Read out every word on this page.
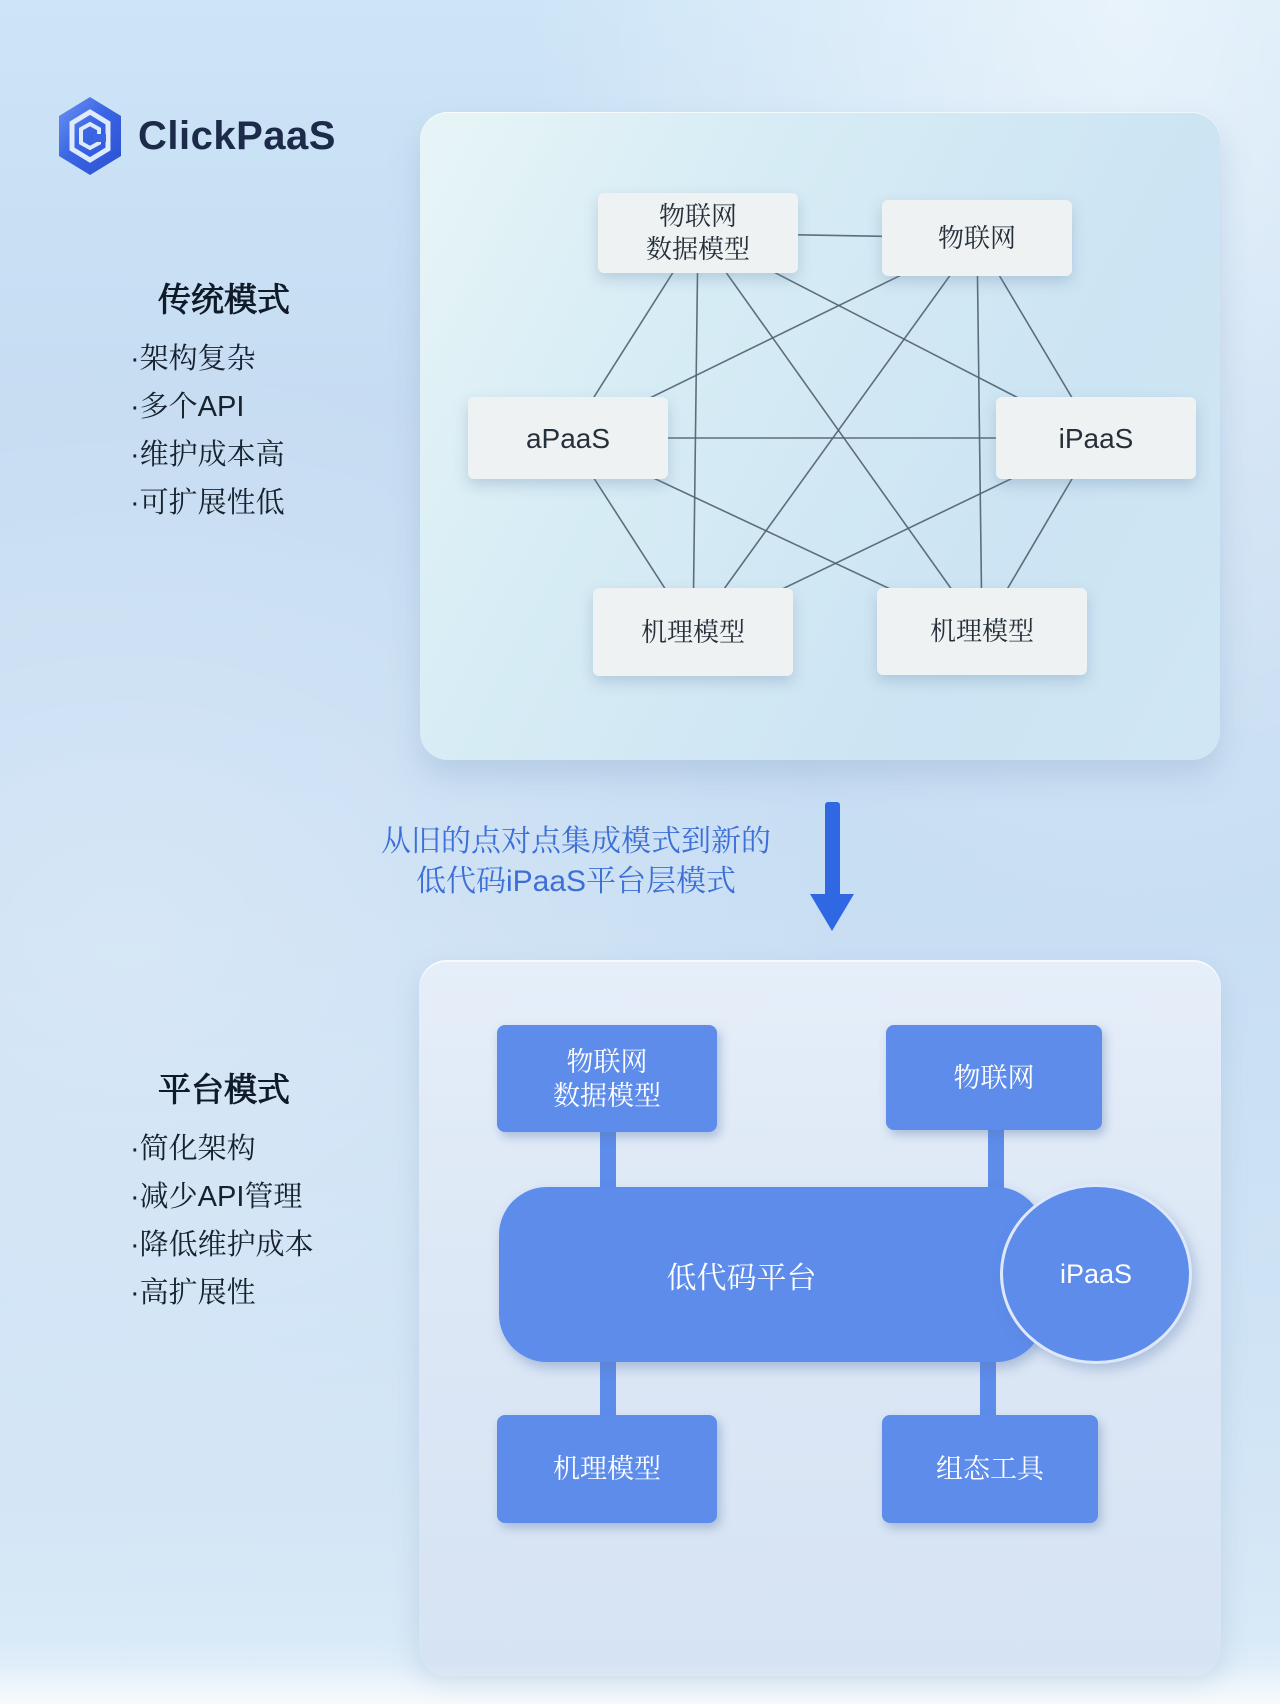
ClickPaaS
传统模式
·架构复杂
·多个API
·维护成本高
·可扩展性低
物联网
数据模型	物联网
aPaaS	iPaaS
机理模型	机理模型
从旧的点对点集成模式到新的
低代码iPaaS平台层模式
平台模式
·简化架构
·减少API管理
·降低维护成本
·高扩展性
物联网
数据模型
物联网
低代码平台	iPaaS
机理模型	组态工具
